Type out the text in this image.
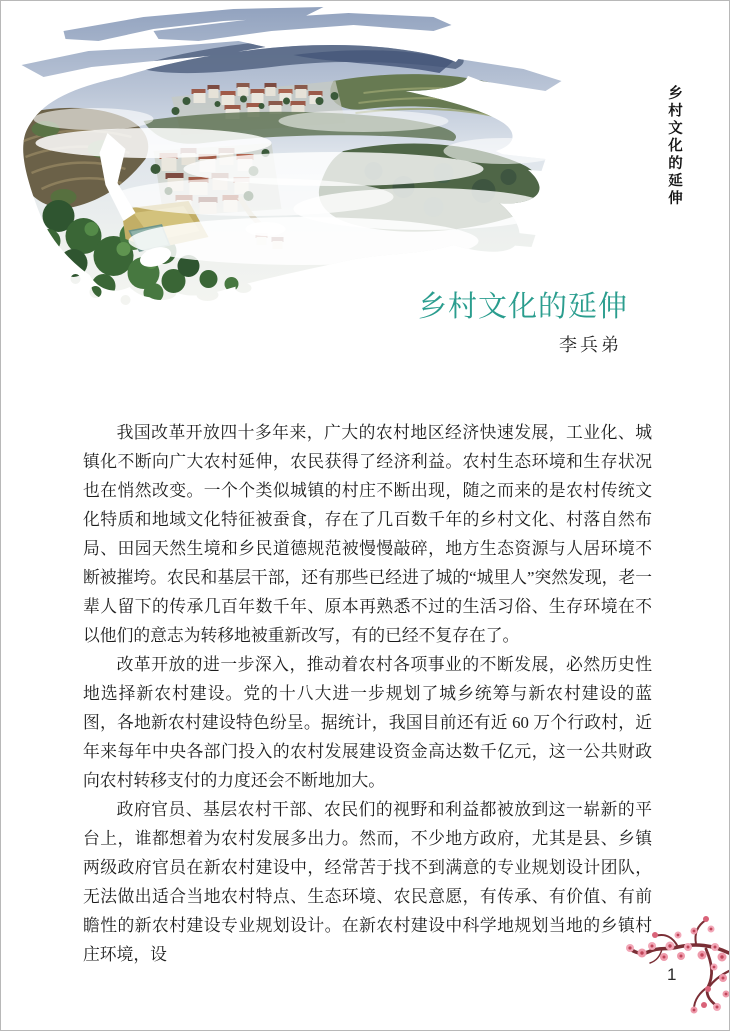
乡村文化的延伸
乡村文化的延伸
李兵弟

我国改革开放四十多年来，广大的农村地区经济快速发展，工业化、城镇化不断向广大农村延伸，农民获得了经济利益。农村生态环境和生存状况也在悄然改变。一个个类似城镇的村庄不断出现，随之而来的是农村传统文化特质和地域文化特征被蚕食，存在了几百数千年的乡村文化、村落自然布局、田园天然生境和乡民道德规范被慢慢敲碎，地方生态资源与人居环境不断被摧垮。农民和基层干部，还有那些已经进了城的“城里人”突然发现，老一辈人留下的传承几百年数千年、原本再熟悉不过的生活习俗、生存环境在不以他们的意志为转移地被重新改写，有的已经不复存在了。

改革开放的进一步深入，推动着农村各项事业的不断发展，必然历史性地选择新农村建设。党的十八大进一步规划了城乡统筹与新农村建设的蓝图，各地新农村建设特色纷呈。据统计，我国目前还有近 60 万个行政村，近年来每年中央各部门投入的农村发展建设资金高达数千亿元，这一公共财政向农村转移支付的力度还会不断地加大。

政府官员、基层农村干部、农民们的视野和利益都被放到这一崭新的平台上，谁都想着为农村发展多出力。然而，不少地方政府，尤其是县、乡镇两级政府官员在新农村建设中，经常苦于找不到满意的专业规划设计团队，无法做出适合当地农村特点、生态环境、农民意愿，有传承、有价值、有前瞻性的新农村建设专业规划设计。在新农村建设中科学地规划当地的乡镇村庄环境，设

1
